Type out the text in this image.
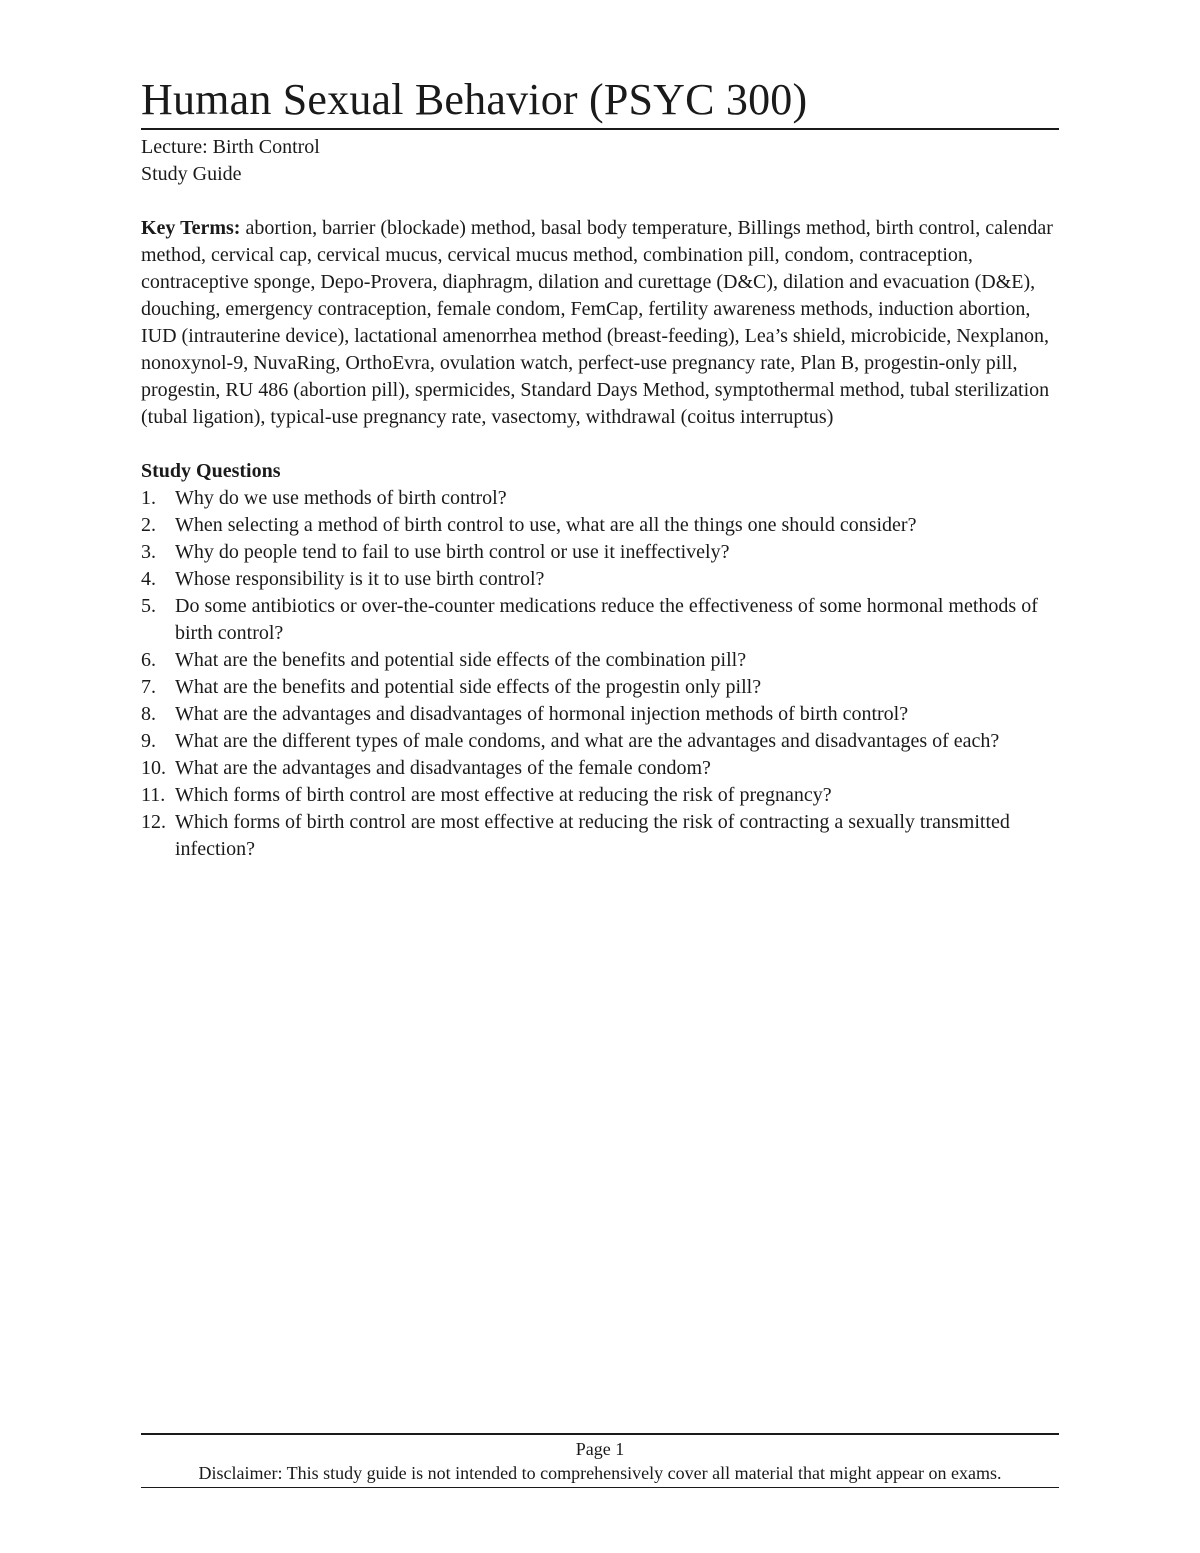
Human Sexual Behavior (PSYC 300)

Lecture: Birth Control

Study Guide

Key Terms: abortion, barrier (blockade) method, basal body temperature, Billings method, birth control, calendar method, cervical cap, cervical mucus, cervical mucus method, combination pill, condom, contraception, contraceptive sponge, Depo-Provera, diaphragm, dilation and curettage (D&C), dilation and evacuation (D&E), douching, emergency contraception, female condom, FemCap, fertility awareness methods, induction abortion, IUD (intrauterine device), lactational amenorrhea method (breast-feeding), Lea’s shield, microbicide, Nexplanon, nonoxynol-9, NuvaRing, OrthoEvra, ovulation watch, perfect-use pregnancy rate, Plan B, progestin-only pill, progestin, RU 486 (abortion pill), spermicides, Standard Days Method, symptothermal method, tubal sterilization (tubal ligation), typical-use pregnancy rate, vasectomy, withdrawal (coitus interruptus)

Study Questions

1. Why do we use methods of birth control?
2. When selecting a method of birth control to use, what are all the things one should consider?
3. Why do people tend to fail to use birth control or use it ineffectively?
4. Whose responsibility is it to use birth control?
5. Do some antibiotics or over-the-counter medications reduce the effectiveness of some hormonal methods of birth control?
6. What are the benefits and potential side effects of the combination pill?
7. What are the benefits and potential side effects of the progestin only pill?
8. What are the advantages and disadvantages of hormonal injection methods of birth control?
9. What are the different types of male condoms, and what are the advantages and disadvantages of each?
10. What are the advantages and disadvantages of the female condom?
11. Which forms of birth control are most effective at reducing the risk of pregnancy?
12. Which forms of birth control are most effective at reducing the risk of contracting a sexually transmitted infection?

Page 1

Disclaimer: This study guide is not intended to comprehensively cover all material that might appear on exams.
